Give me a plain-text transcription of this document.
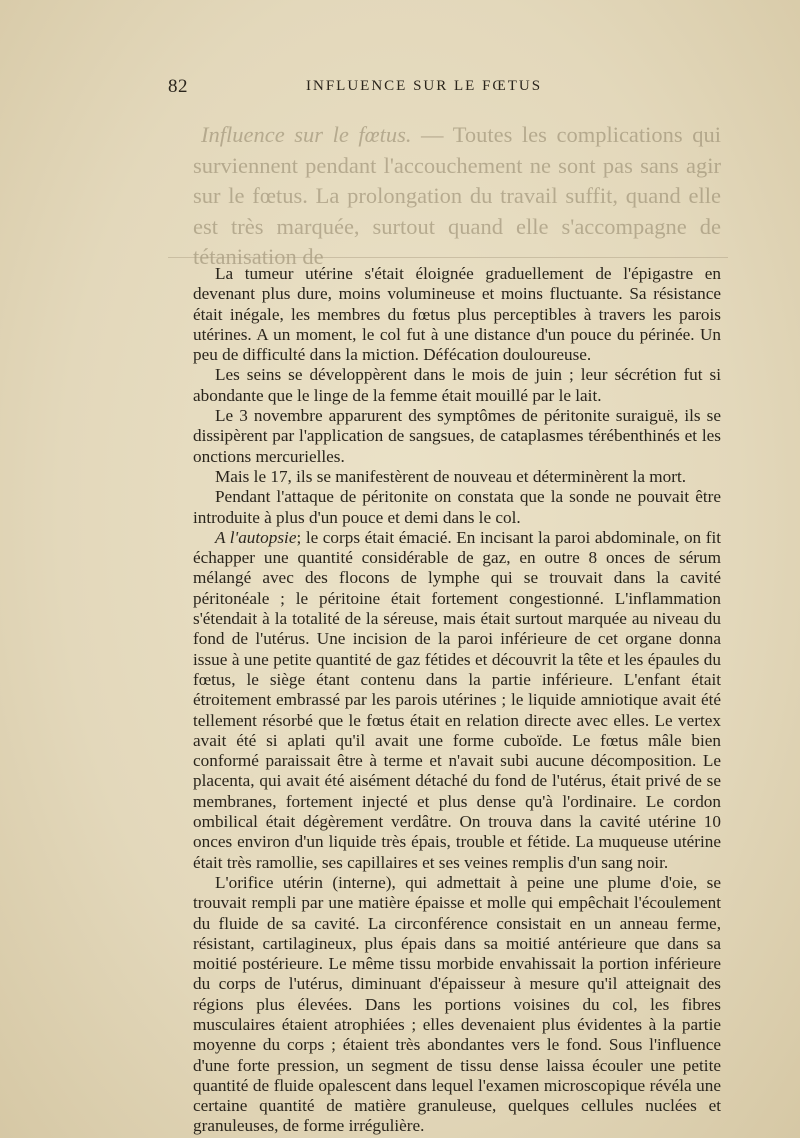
82	INFLUENCE SUR LE FŒTUS

Influence sur le fœtus. — Toutes les complications qui surviennent pendant l'accouchement ne sont pas sans agir sur le fœtus. La prolongation du travail suffit, quand elle est très marquée, surtout quand elle s'accompagne de tétanisation de

La tumeur utérine s'était éloignée graduellement de l'épigastre en devenant plus dure, moins volumineuse et moins fluctuante. Sa résistance était inégale, les membres du fœtus plus perceptibles à travers les parois utérines. A un moment, le col fut à une distance d'un pouce du périnée. Un peu de difficulté dans la miction. Défécation douloureuse.

Les seins se développèrent dans le mois de juin ; leur sécrétion fut si abondante que le linge de la femme était mouillé par le lait.

Le 3 novembre apparurent des symptômes de péritonite suraiguë, ils se dissipèrent par l'application de sangsues, de cataplasmes térébenthinés et les onctions mercurielles.

Mais le 17, ils se manifestèrent de nouveau et déterminèrent la mort.

Pendant l'attaque de péritonite on constata que la sonde ne pouvait être introduite à plus d'un pouce et demi dans le col.

A l'autopsie; le corps était émacié. En incisant la paroi abdominale, on fit échapper une quantité considérable de gaz, en outre 8 onces de sérum mélangé avec des flocons de lymphe qui se trouvait dans la cavité péritonéale ; le péritoine était fortement congestionné. L'inflammation s'étendait à la totalité de la séreuse, mais était surtout marquée au niveau du fond de l'utérus. Une incision de la paroi inférieure de cet organe donna issue à une petite quantité de gaz fétides et découvrit la tête et les épaules du fœtus, le siège étant contenu dans la partie inférieure. L'enfant était étroitement embrassé par les parois utérines ; le liquide amniotique avait été tellement résorbé que le fœtus était en relation directe avec elles. Le vertex avait été si aplati qu'il avait une forme cuboïde. Le fœtus mâle bien conformé paraissait être à terme et n'avait subi aucune décomposition. Le placenta, qui avait été aisément détaché du fond de l'utérus, était privé de se membranes, fortement injecté et plus dense qu'à l'ordinaire. Le cordon ombilical était dégèrement verdâtre. On trouva dans la cavité utérine 10 onces environ d'un liquide très épais, trouble et fétide. La muqueuse utérine était très ramollie, ses capillaires et ses veines remplis d'un sang noir.

L'orifice utérin (interne), qui admettait à peine une plume d'oie, se trouvait rempli par une matière épaisse et molle qui empêchait l'écoulement du fluide de sa cavité. La circonférence consistait en un anneau ferme, résistant, cartilagineux, plus épais dans sa moitié antérieure que dans sa moitié postérieure. Le même tissu morbide envahissait la portion inférieure du corps de l'utérus, diminuant d'épaisseur à mesure qu'il atteignait des régions plus élevées. Dans les portions voisines du col, les fibres musculaires étaient atrophiées ; elles devenaient plus évidentes à la partie moyenne du corps ; étaient très abondantes vers le fond. Sous l'influence d'une forte pression, un segment de tissu dense laissa écouler une petite quantité de fluide opalescent dans lequel l'examen microscopique révéla une certaine quantité de matière granuleuse, quelques cellules nuclées et granuleuses, de forme irrégulière.
